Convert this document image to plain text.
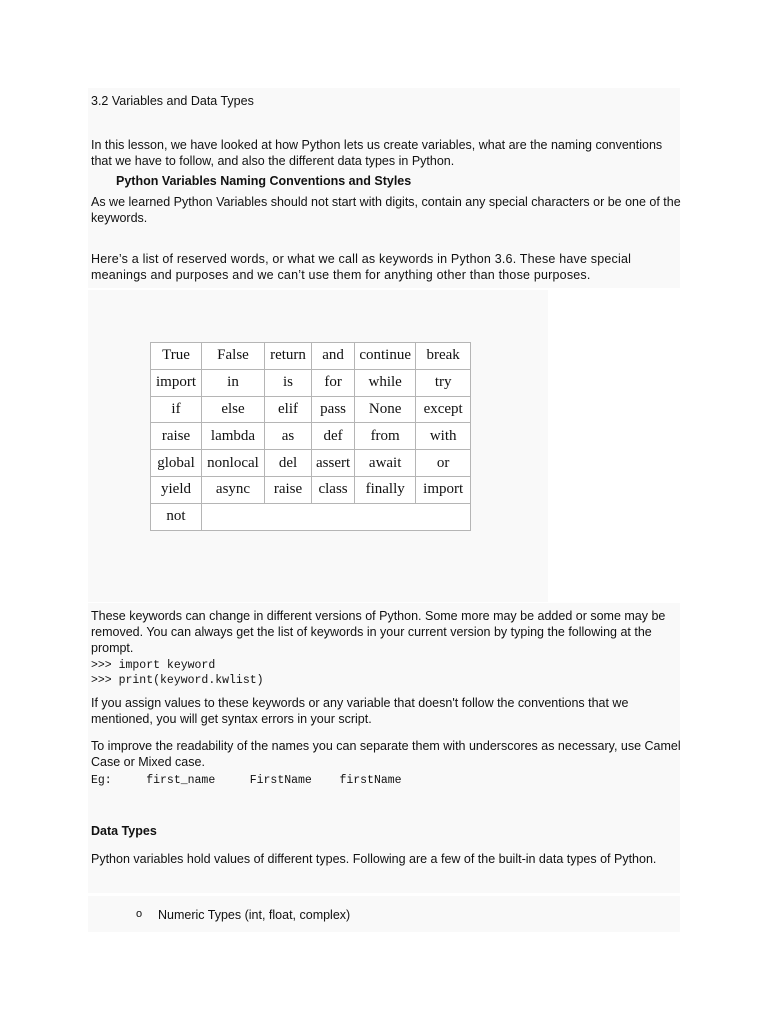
3.2 Variables and Data Types

In this lesson, we have looked at how Python lets us create variables, what are the naming conventions that we have to follow, and also the different data types in Python.

Python Variables Naming Conventions and Styles

As we learned Python Variables should not start with digits, contain any special characters or be one of the keywords.

Here’s a list of reserved words, or what we call as keywords in Python 3.6. These have special meanings and purposes and we can’t use them for anything other than those purposes.

True	False	return	and	continue	break
import	in	is	for	while	try
if	else	elif	pass	None	except
raise	lambda	as	def	from	with
global	nonlocal	del	assert	await	or
yield	async	raise	class	finally	import
not					

These keywords can change in different versions of Python. Some more may be added or some may be removed. You can always get the list of keywords in your current version by typing the following at the prompt.

>>> import keyword

>>> print(keyword.kwlist)

If you assign values to these keywords or any variable that doesn't follow the conventions that we mentioned, you will get syntax errors in your script.

To improve the readability of the names you can separate them with underscores as necessary, use Camel Case or Mixed case.

Eg:     first_name     FirstName    firstName

Data Types

Python variables hold values of different types. Following are a few of the built-in data types of Python.

o Numeric Types (int, float, complex)
